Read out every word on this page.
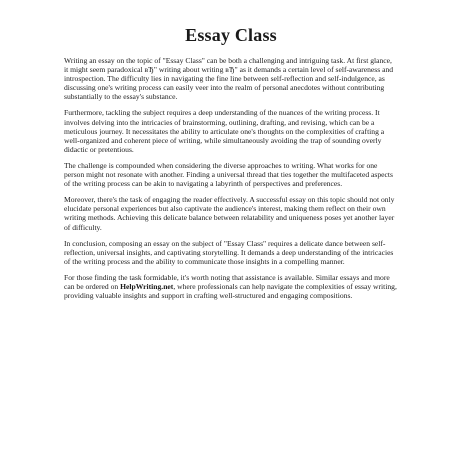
Essay Class

Writing an essay on the topic of "Essay Class" can be both a challenging and intriguing task. At first glance, it might seem paradoxical вЂ" writing about writing вЂ" as it demands a certain level of self-awareness and introspection. The difficulty lies in navigating the fine line between self-reflection and self-indulgence, as discussing one's writing process can easily veer into the realm of personal anecdotes without contributing substantially to the essay's substance.

Furthermore, tackling the subject requires a deep understanding of the nuances of the writing process. It involves delving into the intricacies of brainstorming, outlining, drafting, and revising, which can be a meticulous journey. It necessitates the ability to articulate one's thoughts on the complexities of crafting a well-organized and coherent piece of writing, while simultaneously avoiding the trap of sounding overly didactic or pretentious.

The challenge is compounded when considering the diverse approaches to writing. What works for one person might not resonate with another. Finding a universal thread that ties together the multifaceted aspects of the writing process can be akin to navigating a labyrinth of perspectives and preferences.

Moreover, there's the task of engaging the reader effectively. A successful essay on this topic should not only elucidate personal experiences but also captivate the audience's interest, making them reflect on their own writing methods. Achieving this delicate balance between relatability and uniqueness poses yet another layer of difficulty.

In conclusion, composing an essay on the subject of "Essay Class" requires a delicate dance between self-reflection, universal insights, and captivating storytelling. It demands a deep understanding of the intricacies of the writing process and the ability to communicate those insights in a compelling manner.

For those finding the task formidable, it's worth noting that assistance is available. Similar essays and more can be ordered on HelpWriting.net, where professionals can help navigate the complexities of essay writing, providing valuable insights and support in crafting well-structured and engaging compositions.
